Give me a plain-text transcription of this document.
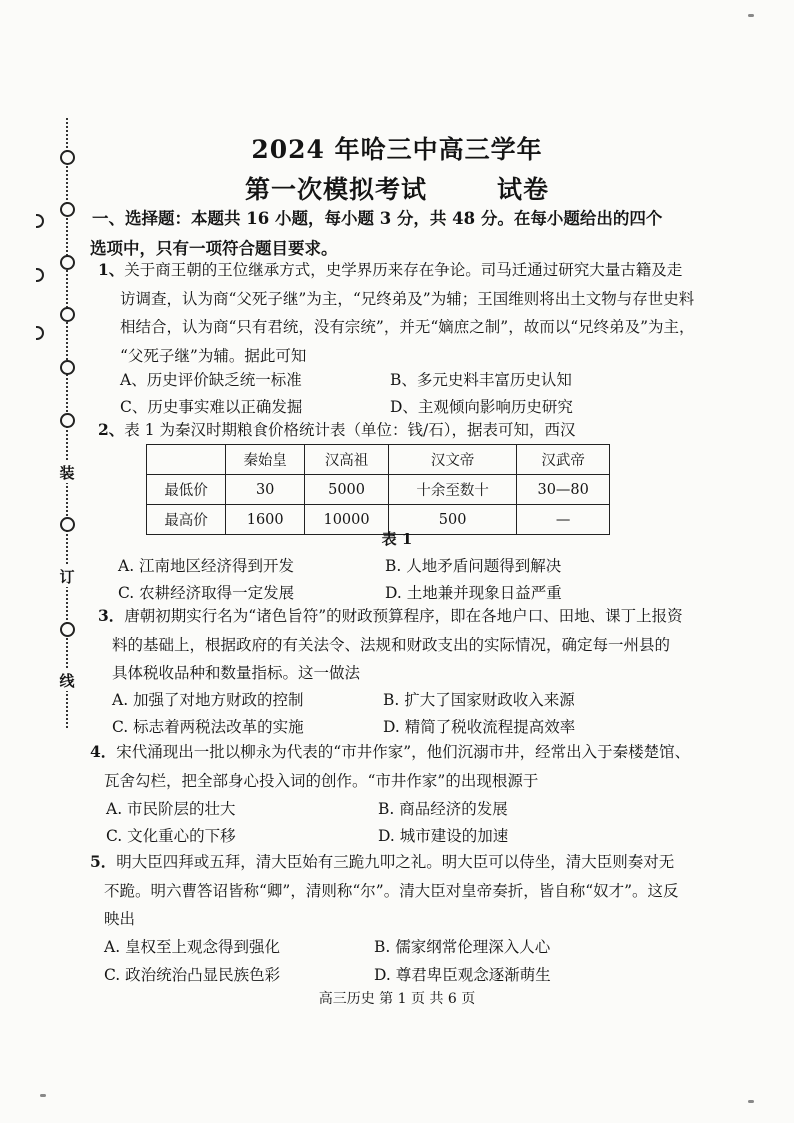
装
订
线
2024 年哈三中高三学年
第一次模拟考试	试卷
一、选择题：本题共 16 小题，每小题 3 分，共 48 分。在每小题给出的四个
选项中，只有一项符合题目要求。
1、关于商王朝的王位继承方式，史学界历来存在争论。司马迁通过研究大量古籍及走
访调查，认为商“父死子继”为主，“兄终弟及”为辅；王国维则将出土文物与存世史料
相结合，认为商“只有君统，没有宗统”，并无“嫡庶之制”，故而以“兄终弟及”为主，
“父死子继”为辅。据此可知
A、历史评价缺乏统一标准	B、多元史料丰富历史认知
C、历史事实难以正确发掘	D、主观倾向影响历史研究
2、表 1 为秦汉时期粮食价格统计表（单位：钱/石），据表可知，西汉
	秦始皇	汉高祖	汉文帝	汉武帝
最低价	30	5000	十余至数十	30—80
最高价	1600	10000	500	—
表 1
A. 江南地区经济得到开发	B. 人地矛盾问题得到解决
C. 农耕经济取得一定发展	D. 土地兼并现象日益严重
3．唐朝初期实行名为“诸色旨符”的财政预算程序，即在各地户口、田地、课丁上报资
料的基础上，根据政府的有关法令、法规和财政支出的实际情况，确定每一州县的
具体税收品种和数量指标。这一做法
A. 加强了对地方财政的控制	B. 扩大了国家财政收入来源
C. 标志着两税法改革的实施	D. 精简了税收流程提高效率
4．宋代涌现出一批以柳永为代表的“市井作家”，他们沉溺市井，经常出入于秦楼楚馆、
瓦舍勾栏，把全部身心投入词的创作。“市井作家”的出现根源于
A. 市民阶层的壮大	B. 商品经济的发展
C. 文化重心的下移	D. 城市建设的加速
5．明大臣四拜或五拜，清大臣始有三跪九叩之礼。明大臣可以侍坐，清大臣则奏对无
不跪。明六曹答诏皆称“卿”，清则称“尔”。清大臣对皇帝奏折，皆自称“奴才”。这反
映出
A. 皇权至上观念得到强化	B. 儒家纲常伦理深入人心
C. 政治统治凸显民族色彩	D. 尊君卑臣观念逐渐萌生
高三历史 第 1 页 共 6 页
